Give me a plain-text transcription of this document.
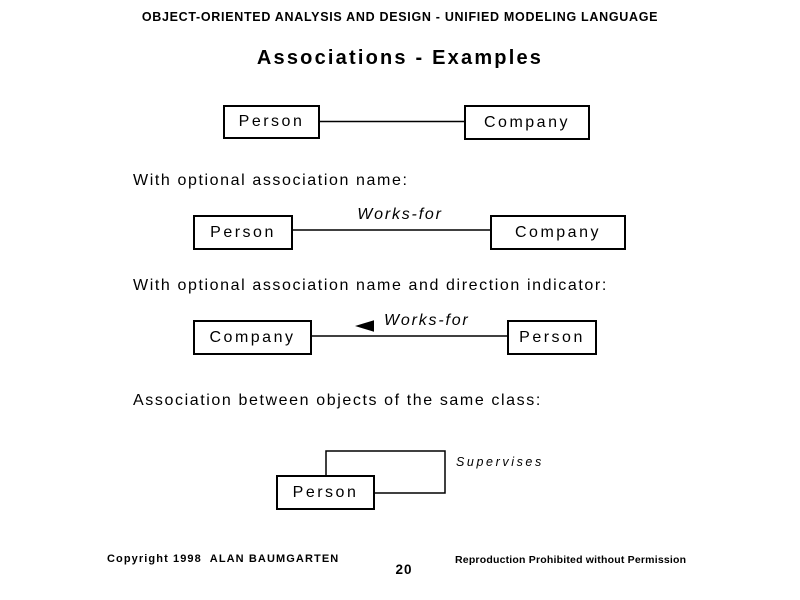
OBJECT-ORIENTED ANALYSIS AND DESIGN - UNIFIED MODELING LANGUAGE
Associations - Examples
Person	Company
With optional association name:
Person
Works-for
Company
With optional association name and direction indicator:
Company
Works-for
Person
Association between objects of the same class:
Person
Supervises
Copyright 1998  ALAN BAUMGARTEN	Reproduction Prohibited without Permission
20
